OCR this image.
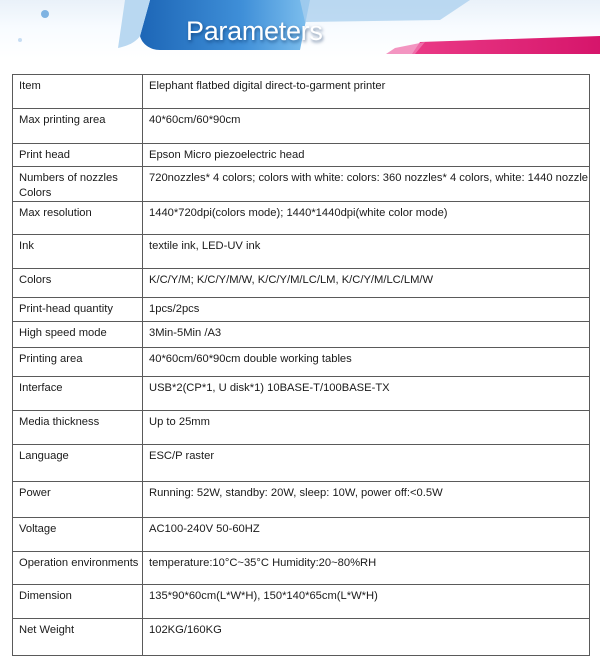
Parameters
Item	Elephant flatbed digital direct-to-garment printer
Max printing area	40*60cm/60*90cm
Print head	Epson Micro piezoelectric head
Numbers of nozzles Colors	720nozzles* 4 colors; colors with white: colors: 360 nozzles* 4 colors, white: 1440 nozzle
Max resolution	1440*720dpi(colors mode); 1440*1440dpi(white color mode)
Ink	textile ink, LED-UV ink
Colors	K/C/Y/M; K/C/Y/M/W, K/C/Y/M/LC/LM, K/C/Y/M/LC/LM/W
Print-head quantity	1pcs/2pcs
High speed mode	3Min-5Min /A3
Printing area	40*60cm/60*90cm double working tables
Interface	USB*2(CP*1, U disk*1) 10BASE-T/100BASE-TX
Media thickness	Up to 25mm
Language	ESC/P raster
Power	Running: 52W, standby: 20W, sleep: 10W, power off:<0.5W
Voltage	AC100-240V 50-60HZ
Operation environments	temperature:10°C~35°C Humidity:20~80%RH
Dimension	135*90*60cm(L*W*H), 150*140*65cm(L*W*H)
Net Weight	102KG/160KG
